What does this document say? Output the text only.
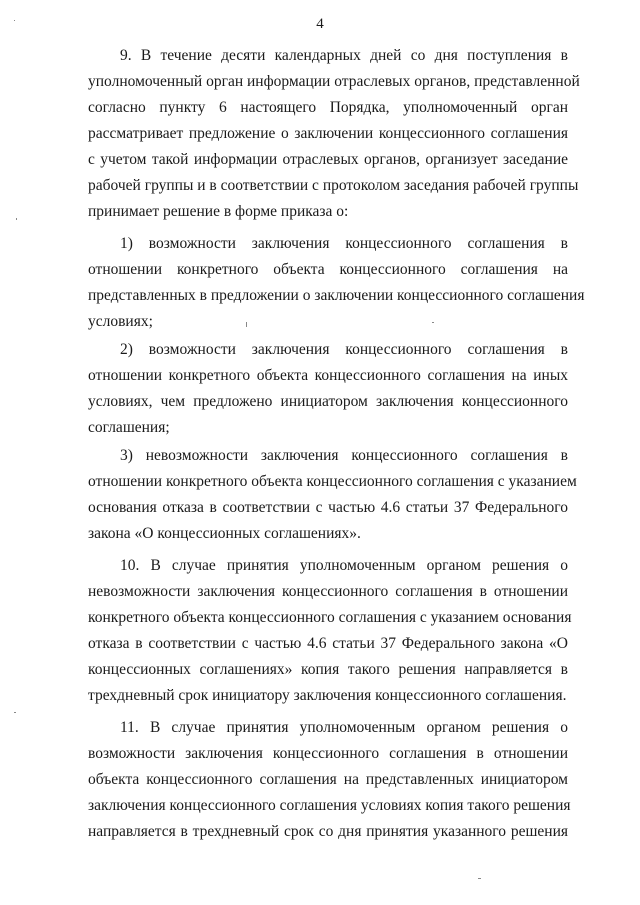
4
9. В течение десяти календарных дней со дня поступления в
уполномоченный орган информации отраслевых органов, представленной
согласно пункту 6 настоящего Порядка, уполномоченный орган
рассматривает предложение о заключении концессионного соглашения
с учетом такой информации отраслевых органов, организует заседание
рабочей группы и в соответствии с протоколом заседания рабочей группы
принимает решение в форме приказа о:
1) возможности заключения концессионного соглашения в
отношении конкретного объекта концессионного соглашения на
представленных в предложении о заключении концессионного соглашения
условиях;
2) возможности заключения концессионного соглашения в
отношении конкретного объекта концессионного соглашения на иных
условиях, чем предложено инициатором заключения концессионного
соглашения;
3) невозможности заключения концессионного соглашения в
отношении конкретного объекта концессионного соглашения с указанием
основания отказа в соответствии с частью 4.6 статьи 37 Федерального
закона «О концессионных соглашениях».
10. В случае принятия уполномоченным органом решения о
невозможности заключения концессионного соглашения в отношении
конкретного объекта концессионного соглашения с указанием основания
отказа в соответствии с частью 4.6 статьи 37 Федерального закона «О
концессионных соглашениях» копия такого решения направляется в
трехдневный срок инициатору заключения концессионного соглашения.
11. В случае принятия уполномоченным органом решения о
возможности заключения концессионного соглашения в отношении
объекта концессионного соглашения на представленных инициатором
заключения концессионного соглашения условиях копия такого решения
направляется в трехдневный срок со дня принятия указанного решения
